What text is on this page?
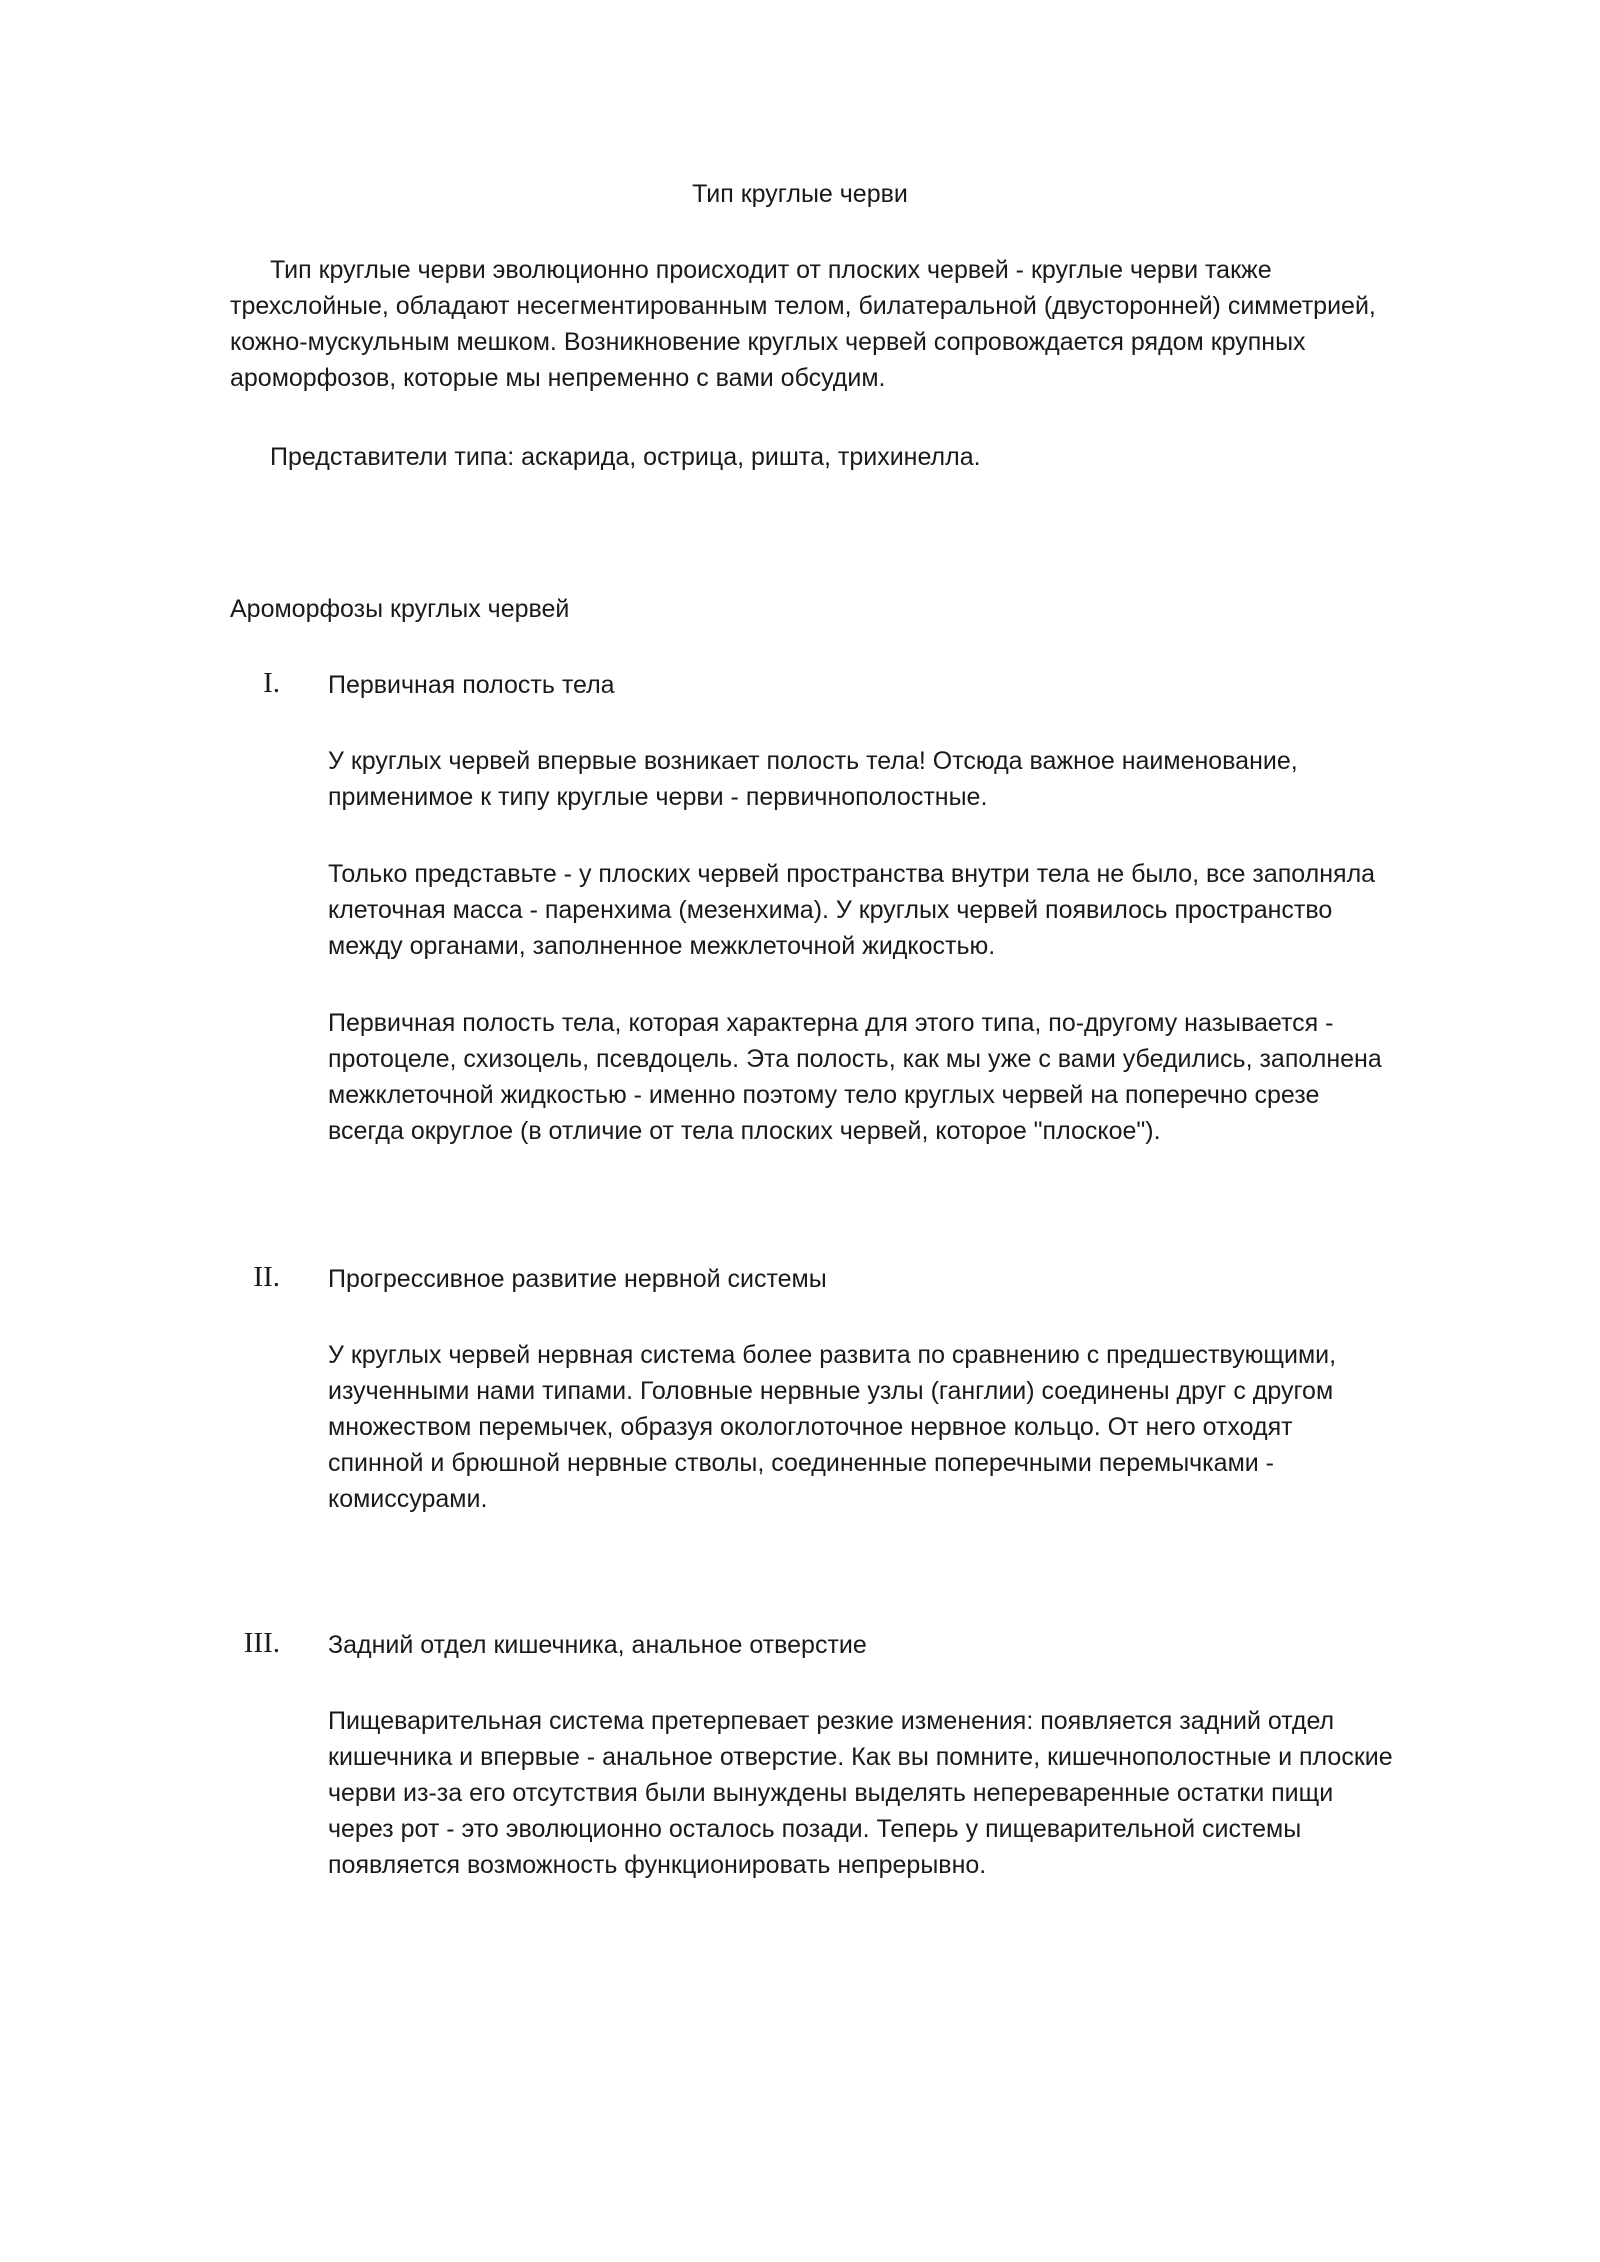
Тип круглые черви
Тип круглые черви эволюционно происходит от плоских червей - круглые черви также
трехслойные, обладают несегментированным телом, билатеральной (двусторонней) симметрией,
кожно-мускульным мешком. Возникновение круглых червей сопровождается рядом крупных
ароморфозов, которые мы непременно с вами обсудим.
Представители типа: аскарида, острица, ришта, трихинелла.
Ароморфозы круглых червей
I. Первичная полость тела
У круглых червей впервые возникает полость тела! Отсюда важное наименование,
применимое к типу круглые черви - первичнополостные.
Только представьте - у плоских червей пространства внутри тела не было, все заполняла
клеточная масса - паренхима (мезенхима). У круглых червей появилось пространство
между органами, заполненное межклеточной жидкостью.
Первичная полость тела, которая характерна для этого типа, по-другому называется -
протоцеле, схизоцель, псевдоцель. Эта полость, как мы уже с вами убедились, заполнена
межклеточной жидкостью - именно поэтому тело круглых червей на поперечно срезе
всегда округлое (в отличие от тела плоских червей, которое "плоское").
II. Прогрессивное развитие нервной системы
У круглых червей нервная система более развита по сравнению с предшествующими,
изученными нами типами. Головные нервные узлы (ганглии) соединены друг с другом
множеством перемычек, образуя окологлоточное нервное кольцо. От него отходят
спинной и брюшной нервные стволы, соединенные поперечными перемычками -
комиссурами.
III. Задний отдел кишечника, анальное отверстие
Пищеварительная система претерпевает резкие изменения: появляется задний отдел
кишечника и впервые - анальное отверстие. Как вы помните, кишечнополостные и плоские
черви из-за его отсутствия были вынуждены выделять непереваренные остатки пищи
через рот - это эволюционно осталось позади. Теперь у пищеварительной системы
появляется возможность функционировать непрерывно.
